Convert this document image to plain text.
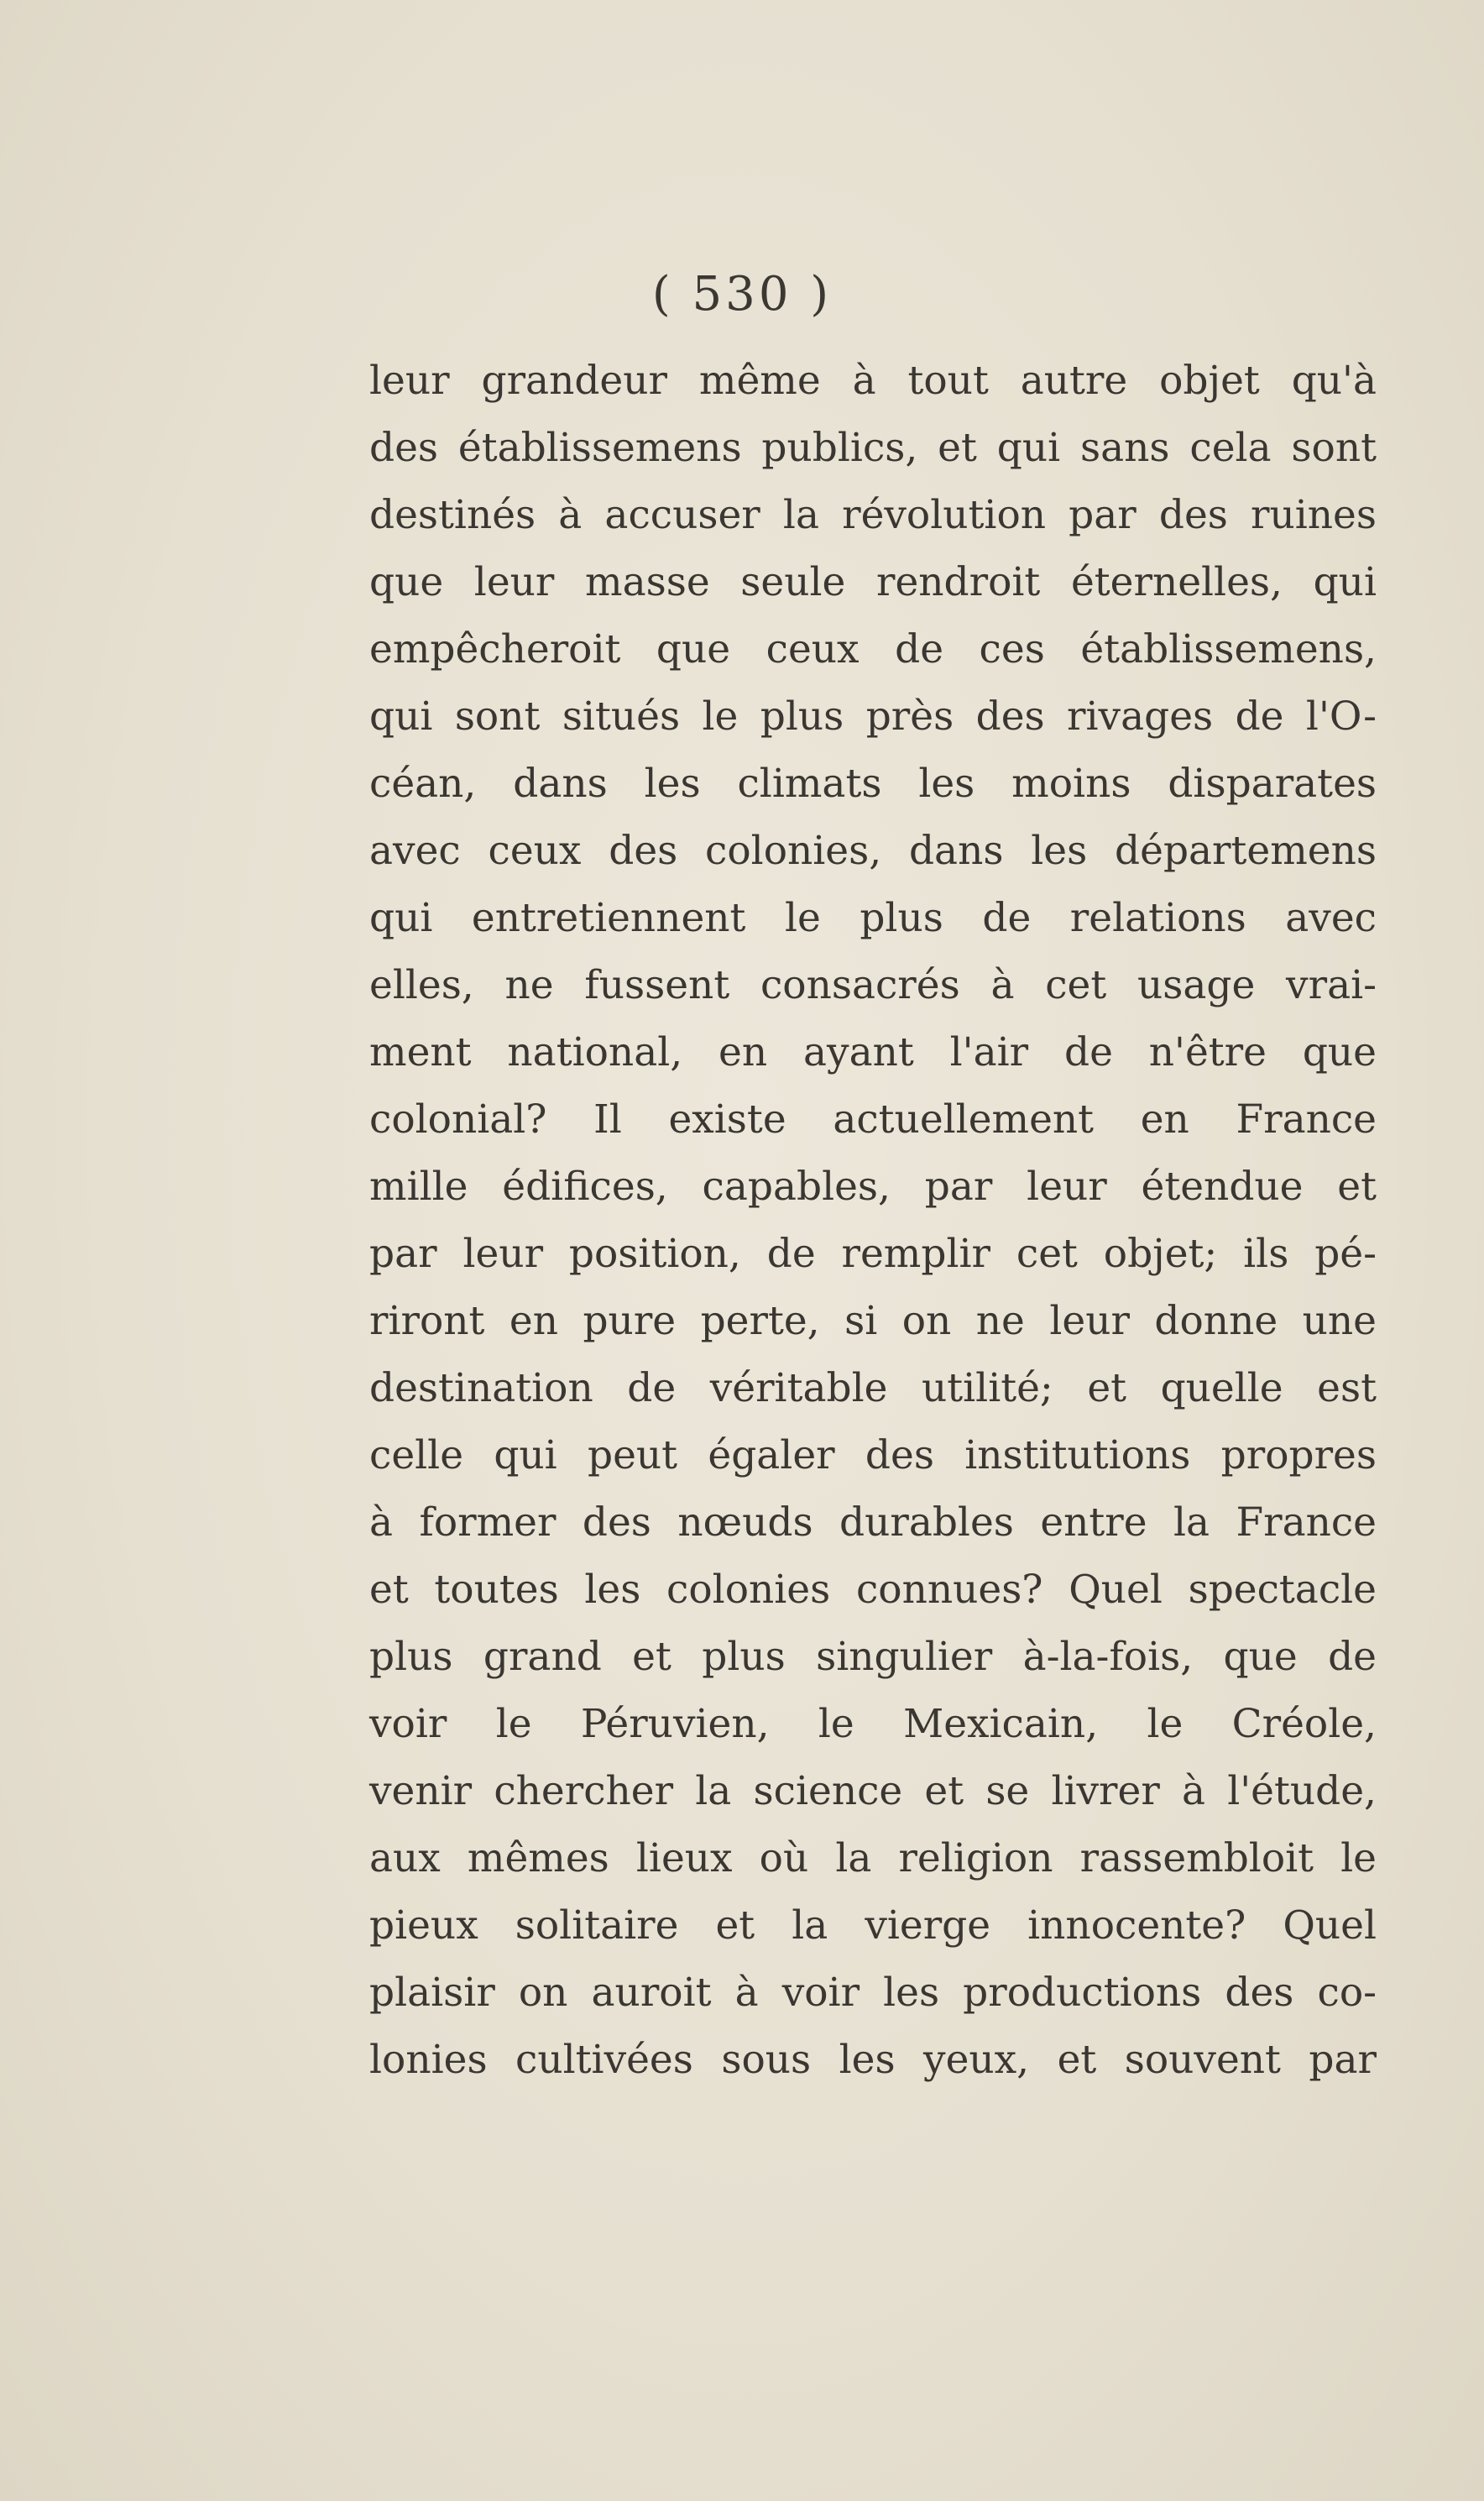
( 530 )
leur grandeur même à tout autre objet qu'à
des établissemens publics, et qui sans cela sont
destinés à accuser la révolution par des ruines
que leur masse seule rendroit éternelles, qui
empêcheroit que ceux de ces établissemens,
qui sont situés le plus près des rivages de l'O-
céan, dans les climats les moins disparates
avec ceux des colonies, dans les départemens
qui entretiennent le plus de relations avec
elles, ne fussent consacrés à cet usage vrai-
ment national, en ayant l'air de n'être que
colonial? Il existe actuellement en France
mille édifices, capables, par leur étendue et
par leur position, de remplir cet objet; ils pé-
riront en pure perte, si on ne leur donne une
destination de véritable utilité; et quelle est
celle qui peut égaler des institutions propres
à former des nœuds durables entre la France
et toutes les colonies connues? Quel spectacle
plus grand et plus singulier à-la-fois, que de
voir le Péruvien, le Mexicain, le Créole,
venir chercher la science et se livrer à l'étude,
aux mêmes lieux où la religion rassembloit le
pieux solitaire et la vierge innocente? Quel
plaisir on auroit à voir les productions des co-
lonies cultivées sous les yeux, et souvent par
